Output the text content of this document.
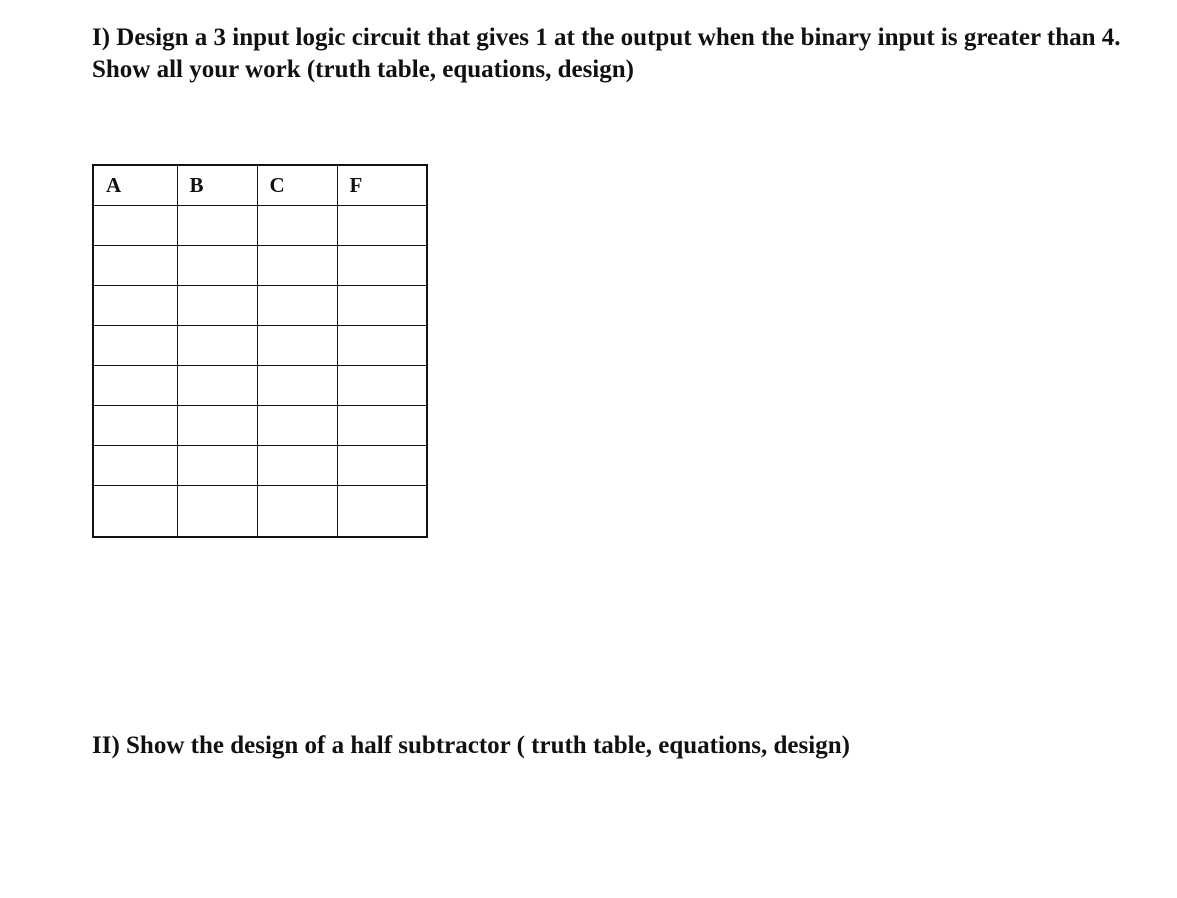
I) Design a 3 input logic circuit that gives 1 at the output when the binary input is greater than 4. Show all your work (truth table, equations, design)

A	B	C	F

II) Show the design of a half subtractor ( truth table, equations, design)
